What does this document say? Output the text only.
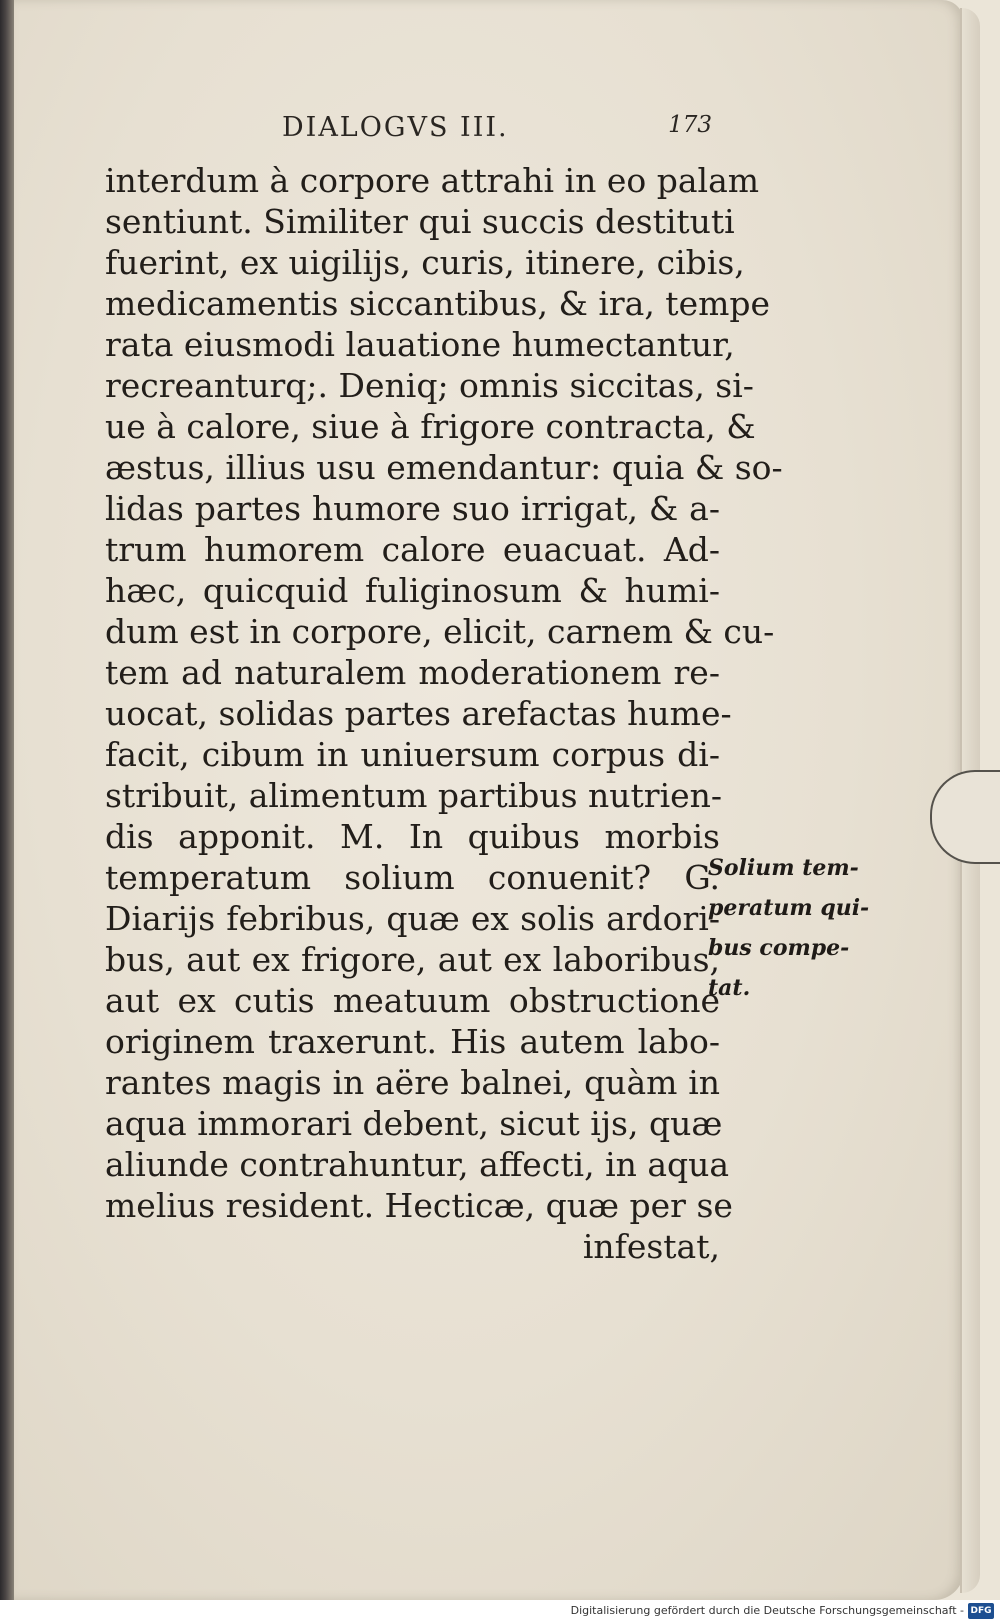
DIALOGVS III.	173
interdum à corpore attrahi in eo palam
sentiunt. Similiter qui succis destituti
fuerint, ex uigilijs, curis, itinere, cibis,
medicamentis siccantibus, & ira, tempe
rata eiusmodi lauatione humectantur,
recreanturq;. Deniq; omnis siccitas, si-
ue à calore, siue à frigore contracta, &
æstus, illius usu emendantur: quia & so-
lidas partes humore suo irrigat, & a-
trum humorem calore euacuat. Ad-
hæc, quicquid fuliginosum & humi-
dum est in corpore, elicit, carnem & cu-
tem ad naturalem moderationem re-
uocat, solidas partes arefactas hume-
facit, cibum in uniuersum corpus di-
stribuit, alimentum partibus nutrien-
dis apponit. M. In quibus morbis
temperatum solium conuenit? G.
Diarijs febribus, quæ ex solis ardori-
bus, aut ex frigore, aut ex laboribus,
aut ex cutis meatuum obstructione
originem traxerunt. His autem labo-
rantes magis in aëre balnei, quàm in
aqua immorari debent, sicut ijs, quæ
aliunde contrahuntur, affecti, in aqua
melius resident. Hecticæ, quæ per se
infestat,
Solium tem-
peratum qui-
bus compe-
tat.
Digitalisierung gefördert durch die Deutsche Forschungsgemeinschaft - DFG
